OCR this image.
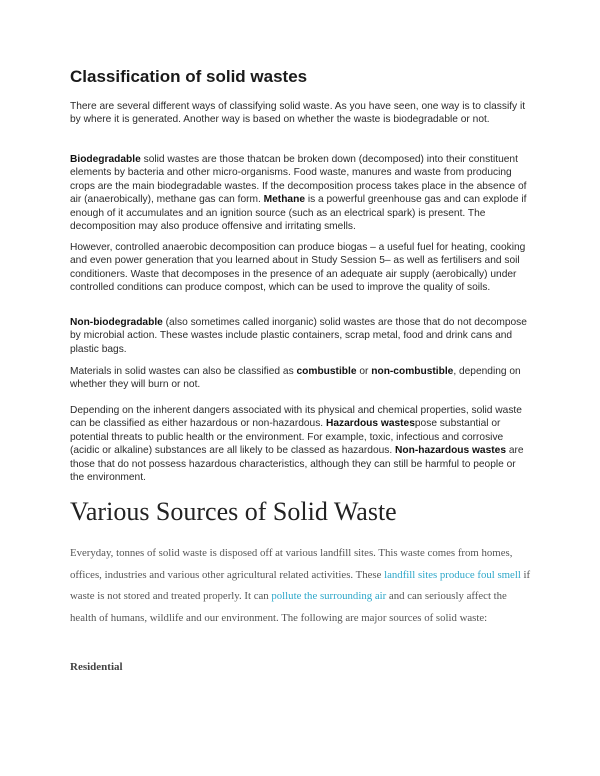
Classification of solid wastes

There are several different ways of classifying solid waste. As you have seen, one way is to classify it by where it is generated. Another way is based on whether the waste is biodegradable or not.

Biodegradable solid wastes are those thatcan be broken down (decomposed) into their constituent elements by bacteria and other micro-organisms. Food waste, manures and waste from producing crops are the main biodegradable wastes. If the decomposition process takes place in the absence of air (anaerobically), methane gas can form. Methane is a powerful greenhouse gas and can explode if enough of it accumulates and an ignition source (such as an electrical spark) is present. The decomposition may also produce offensive and irritating smells.

However, controlled anaerobic decomposition can produce biogas – a useful fuel for heating, cooking and even power generation that you learned about in Study Session 5– as well as fertilisers and soil conditioners. Waste that decomposes in the presence of an adequate air supply (aerobically) under controlled conditions can produce compost, which can be used to improve the quality of soils.

Non-biodegradable (also sometimes called inorganic) solid wastes are those that do not decompose by microbial action. These wastes include plastic containers, scrap metal, food and drink cans and plastic bags.

Materials in solid wastes can also be classified as combustible or non-combustible, depending on whether they will burn or not.

Depending on the inherent dangers associated with its physical and chemical properties, solid waste can be classified as either hazardous or non-hazardous. Hazardous wastespose substantial or potential threats to public health or the environment. For example, toxic, infectious and corrosive (acidic or alkaline) substances are all likely to be classed as hazardous. Non-hazardous wastes are those that do not possess hazardous characteristics, although they can still be harmful to people or the environment.

Various Sources of Solid Waste

Everyday, tonnes of solid waste is disposed off at various landfill sites. This waste comes from homes, offices, industries and various other agricultural related activities. These landfill sites produce foul smell if waste is not stored and treated properly. It can pollute the surrounding air and can seriously affect the health of humans, wildlife and our environment. The following are major sources of solid waste:

Residential
